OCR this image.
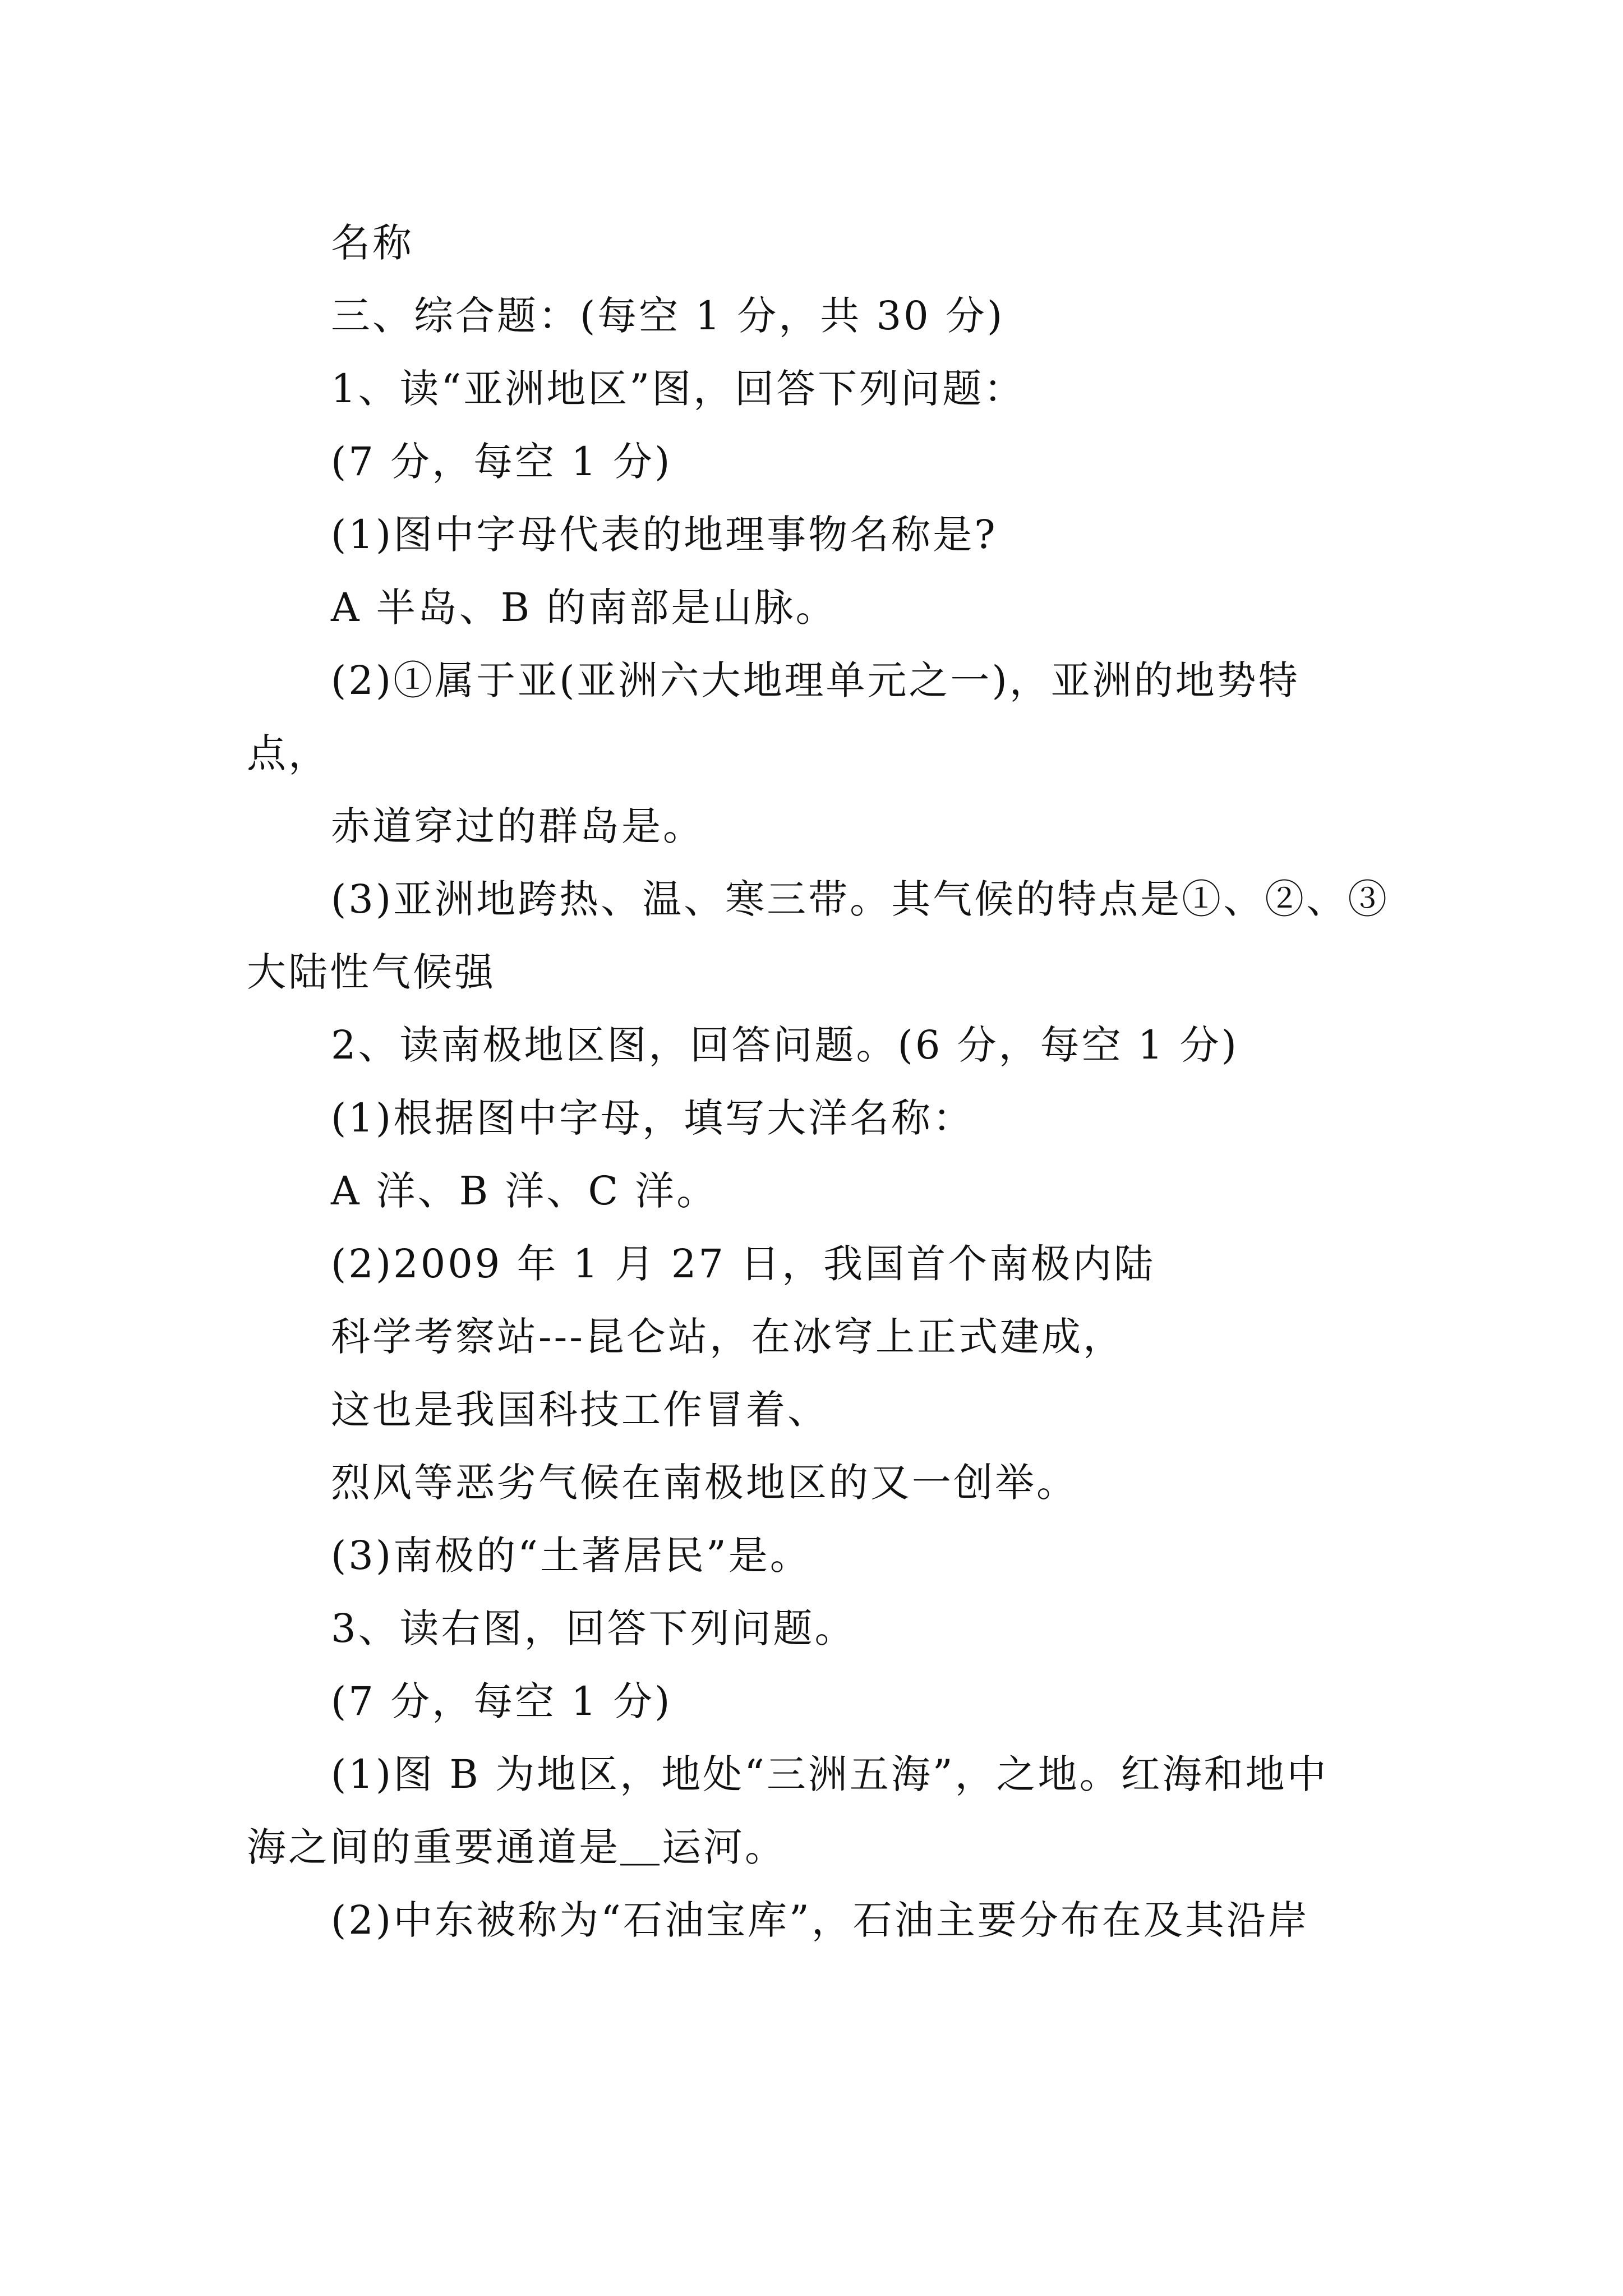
名称
三、综合题：(每空 1 分，共 30 分)
1、读“亚洲地区”图，回答下列问题：
(7 分，每空 1 分)
(1)图中字母代表的地理事物名称是?
A 半岛、B 的南部是山脉。
(2)①属于亚(亚洲六大地理单元之一)，亚洲的地势特
点，
赤道穿过的群岛是。
(3)亚洲地跨热、温、寒三带。其气候的特点是①、②、③
大陆性气候强
2、读南极地区图，回答问题。(6 分，每空 1 分)
(1)根据图中字母，填写大洋名称：
A 洋、B 洋、C 洋。
(2)2009 年 1 月 27 日，我国首个南极内陆
科学考察站---昆仑站，在冰穹上正式建成，
这也是我国科技工作冒着、
烈风等恶劣气候在南极地区的又一创举。
(3)南极的“土著居民”是。
3、读右图，回答下列问题。
(7 分，每空 1 分)
(1)图 B 为地区，地处“三洲五海”，之地。红海和地中
海之间的重要通道是＿运河。
(2)中东被称为“石油宝库”，石油主要分布在及其沿岸
